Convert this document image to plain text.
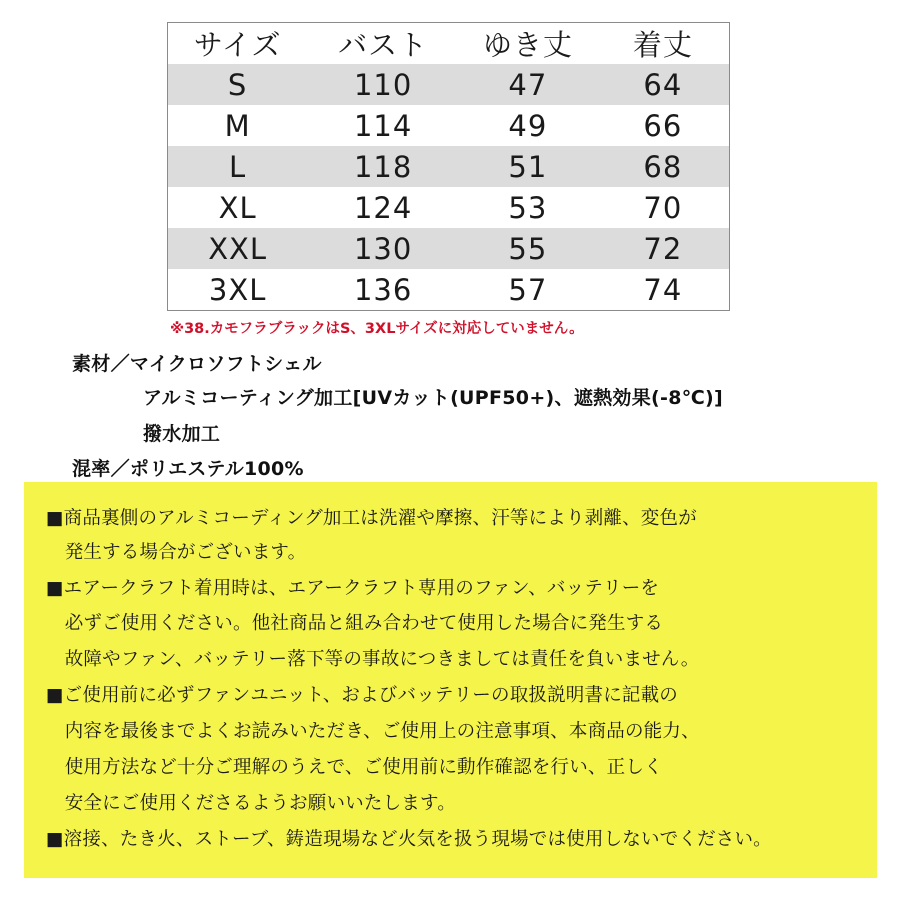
サイズ	バスト	ゆき丈	着丈
S	110	47	64
M	114	49	66
L	118	51	68
XL	124	53	70
XXL	130	55	72
3XL	136	57	74
※38.カモフラブラックはS、3XLサイズに対応していません。
素材／マイクロソフトシェル
アルミコーティング加工[UVカット(UPF50+)、遮熱効果(-8℃)]
撥水加工
混率／ポリエステル100%
■商品裏側のアルミコーディング加工は洗濯や摩擦、汗等により剥離、変色が
　発生する場合がございます。
■エアークラフト着用時は、エアークラフト専用のファン、バッテリーを
　必ずご使用ください。他社商品と組み合わせて使用した場合に発生する
　故障やファン、バッテリー落下等の事故につきましては責任を負いません。
■ご使用前に必ずファンユニット、およびバッテリーの取扱説明書に記載の
　内容を最後までよくお読みいただき、ご使用上の注意事項、本商品の能力、
　使用方法など十分ご理解のうえで、ご使用前に動作確認を行い、正しく
　安全にご使用くださるようお願いいたします。
■溶接、たき火、ストーブ、鋳造現場など火気を扱う現場では使用しないでください。
